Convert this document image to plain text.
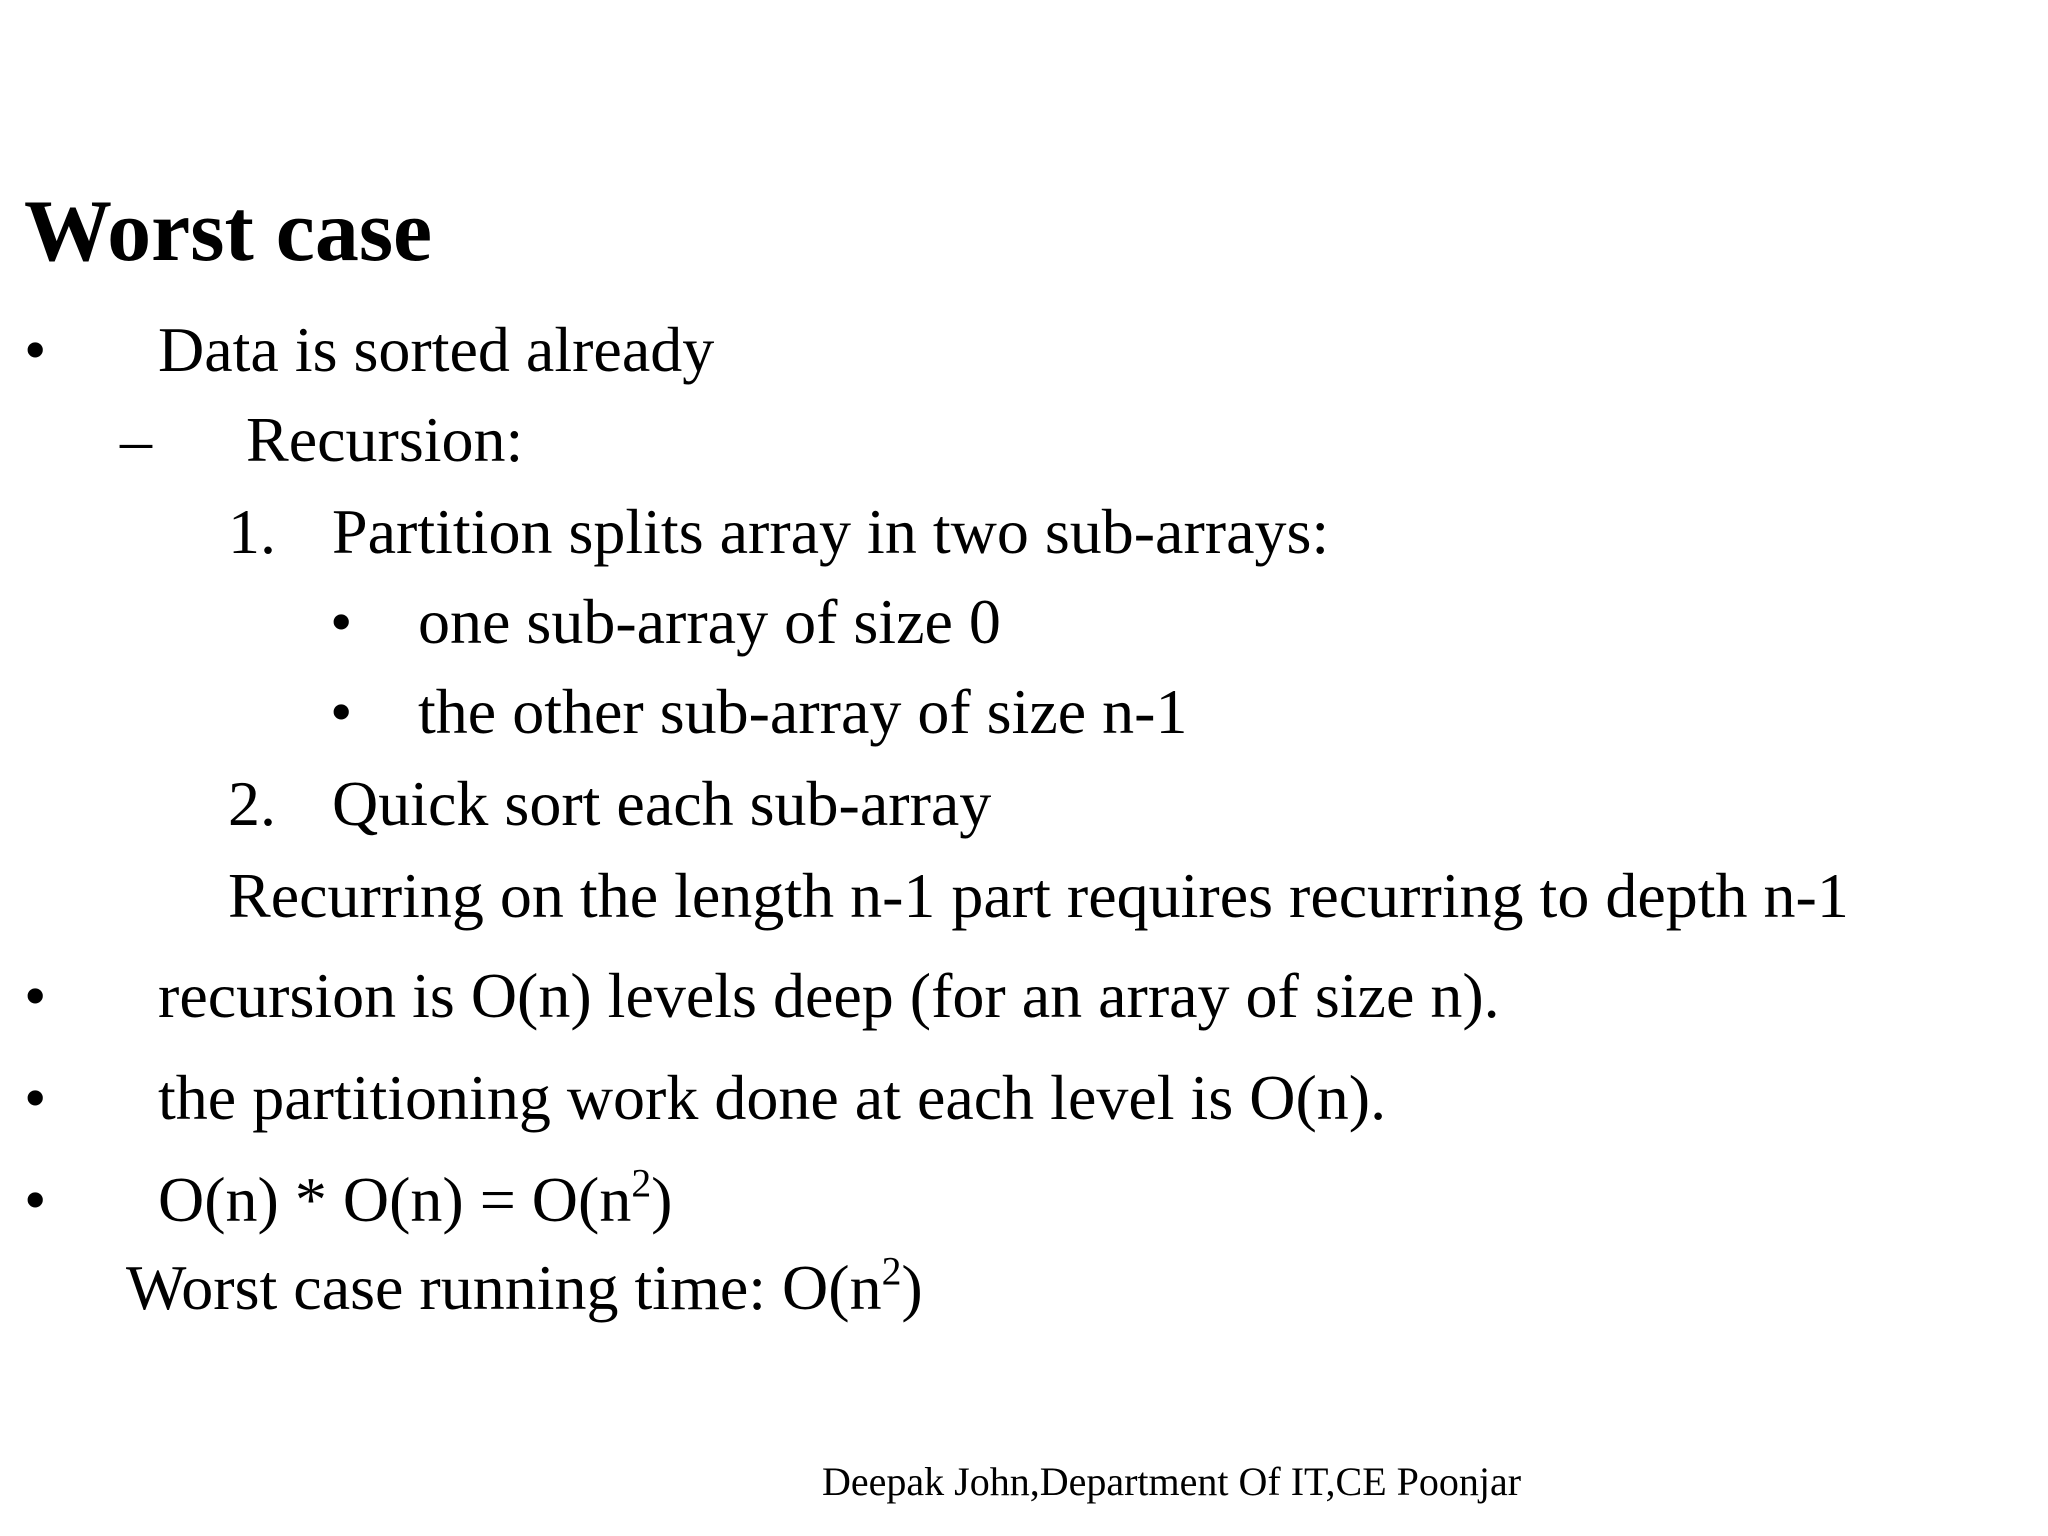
Worst case
• Data is sorted already
– Recursion:
1. Partition splits array in two sub-arrays:
• one sub-array of size 0
• the other sub-array of size n-1
2. Quick sort each sub-array
Recurring on the length n-1 part requires recurring to depth n-1
• recursion is O(n) levels deep (for an array of size n).
• the partitioning work done at each level is O(n).
• $O(n) * O(n) = O(n^2)$
Worst case running time: $O(n^2)$
Deepak John,Department Of IT,CE Poonjar
